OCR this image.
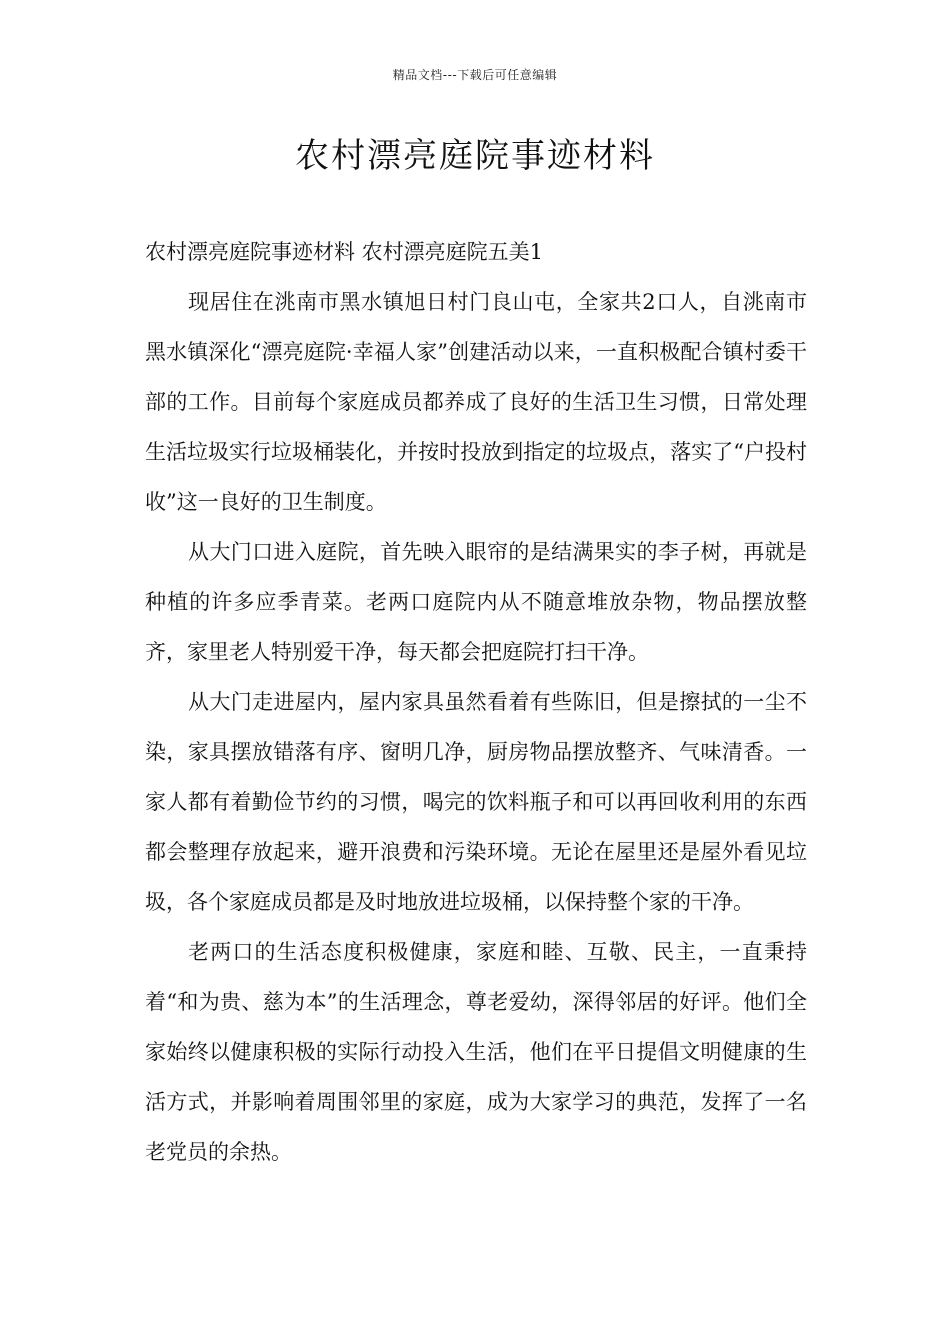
精品文档---下载后可任意编辑
农村漂亮庭院事迹材料

农村漂亮庭院事迹材料 农村漂亮庭院五美1

现居住在洮南市黑水镇旭日村门良山屯，全家共2口人，自洮南市黑水镇深化“漂亮庭院·幸福人家”创建活动以来，一直积极配合镇村委干部的工作。目前每个家庭成员都养成了良好的生活卫生习惯，日常处理生活垃圾实行垃圾桶装化，并按时投放到指定的垃圾点，落实了“户投村收”这一良好的卫生制度。

从大门口进入庭院，首先映入眼帘的是结满果实的李子树，再就是种植的许多应季青菜。老两口庭院内从不随意堆放杂物，物品摆放整齐，家里老人特别爱干净，每天都会把庭院打扫干净。

从大门走进屋内，屋内家具虽然看着有些陈旧，但是擦拭的一尘不染，家具摆放错落有序、窗明几净，厨房物品摆放整齐、气味清香。一家人都有着勤俭节约的习惯，喝完的饮料瓶子和可以再回收利用的东西都会整理存放起来，避开浪费和污染环境。无论在屋里还是屋外看见垃圾，各个家庭成员都是及时地放进垃圾桶，以保持整个家的干净。

老两口的生活态度积极健康，家庭和睦、互敬、民主，一直秉持着“和为贵、慈为本”的生活理念，尊老爱幼，深得邻居的好评。他们全家始终以健康积极的实际行动投入生活，他们在平日提倡文明健康的生活方式，并影响着周围邻里的家庭，成为大家学习的典范，发挥了一名老党员的余热。
